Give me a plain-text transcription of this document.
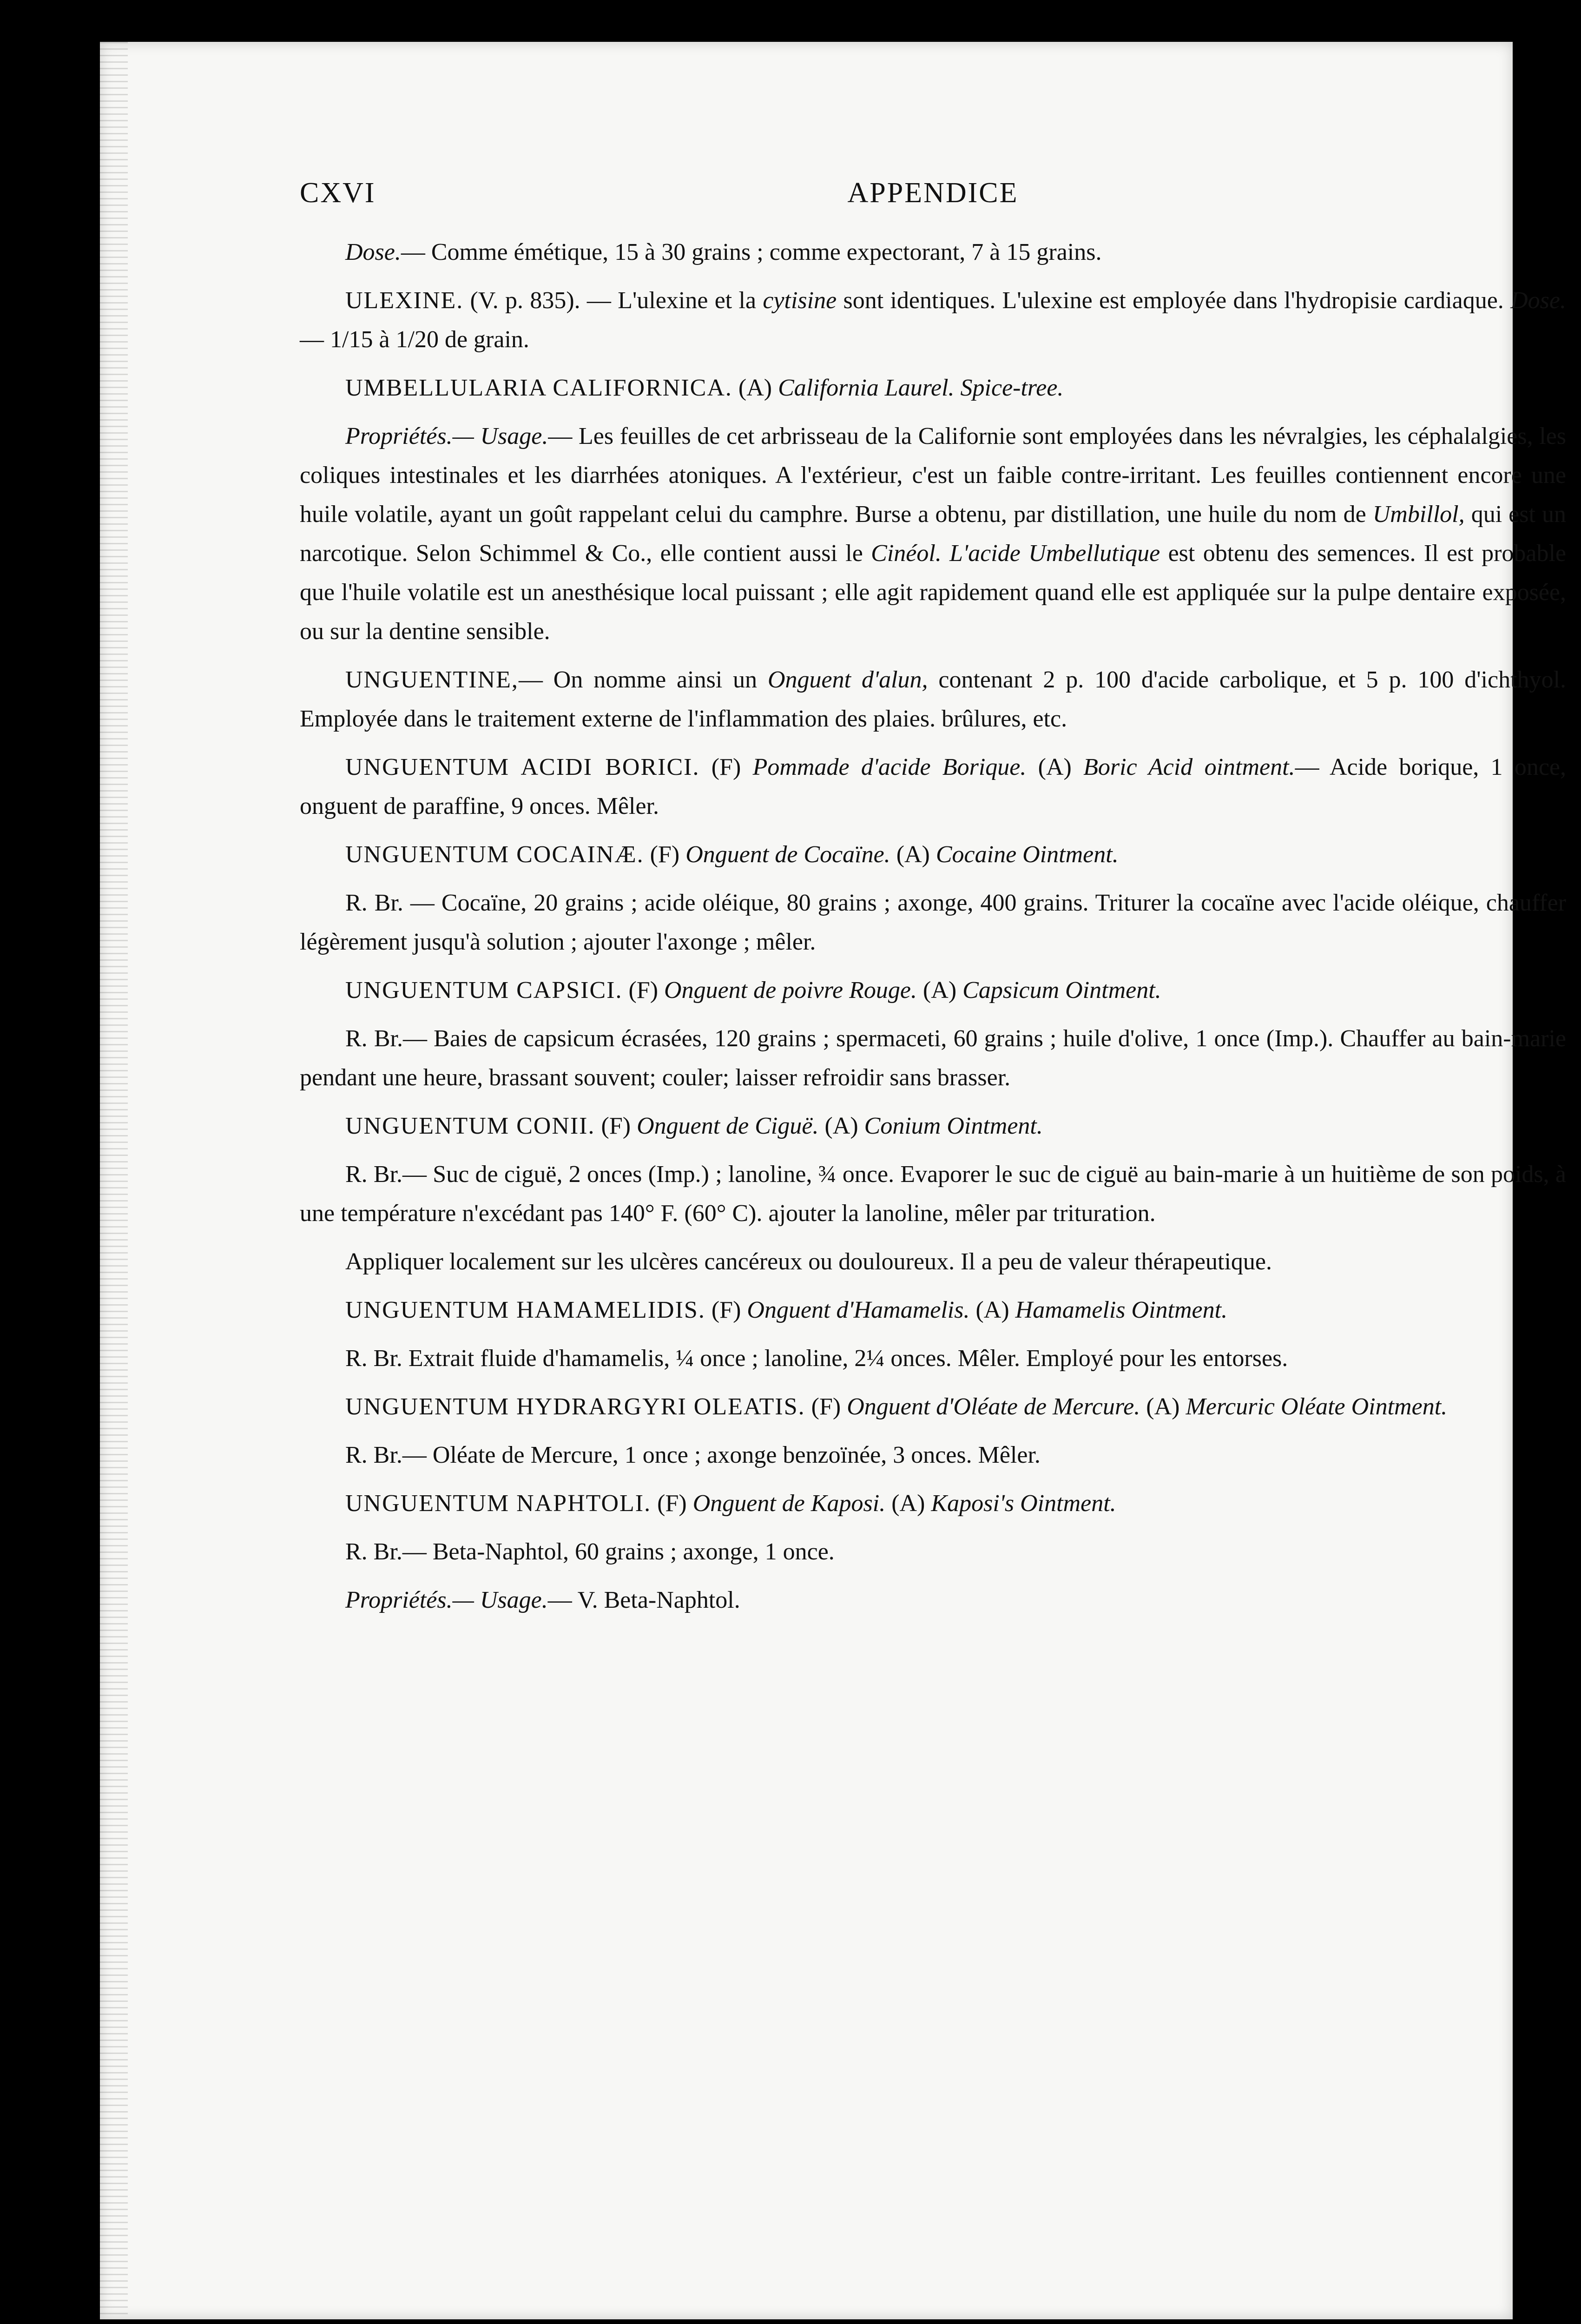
CXVI	APPENDICE

Dose.— Comme émétique, 15 à 30 grains ; comme expectorant, 7 à 15 grains.

ULEXINE. (V. p. 835). — L'ulexine et la cytisine sont identiques. L'ulexine est employée dans l'hydropisie cardiaque. Dose.— 1/15 à 1/20 de grain.

UMBELLULARIA CALIFORNICA. (A) California Laurel. Spice-tree.

Propriétés.— Usage.— Les feuilles de cet arbrisseau de la Californie sont employées dans les névralgies, les céphalalgies, les coliques intestinales et les diarrhées atoniques. A l'extérieur, c'est un faible contre-irritant. Les feuilles contiennent encore une huile volatile, ayant un goût rappelant celui du camphre. Burse a obtenu, par distillation, une huile du nom de Umbillol, qui est un narcotique. Selon Schimmel & Co., elle contient aussi le Cinéol. L'acide Umbellutique est obtenu des semences. Il est probable que l'huile volatile est un anesthésique local puissant ; elle agit rapidement quand elle est appliquée sur la pulpe dentaire exposée, ou sur la dentine sensible.

UNGUENTINE,— On nomme ainsi un Onguent d'alun, contenant 2 p. 100 d'acide carbolique, et 5 p. 100 d'ichthyol. Employée dans le traitement externe de l'inflammation des plaies. brûlures, etc.

UNGUENTUM ACIDI BORICI. (F) Pommade d'acide Borique. (A) Boric Acid ointment.— Acide borique, 1 once, onguent de paraffine, 9 onces. Mêler.

UNGUENTUM COCAINÆ. (F) Onguent de Cocaïne. (A) Cocaine Ointment.

R. Br. — Cocaïne, 20 grains ; acide oléique, 80 grains ; axonge, 400 grains. Triturer la cocaïne avec l'acide oléique, chauffer légèrement jusqu'à solution ; ajouter l'axonge ; mêler.

UNGUENTUM CAPSICI. (F) Onguent de poivre Rouge. (A) Capsicum Ointment.

R. Br.— Baies de capsicum écrasées, 120 grains ; spermaceti, 60 grains ; huile d'olive, 1 once (Imp.). Chauffer au bain-marie pendant une heure, brassant souvent; couler; laisser refroidir sans brasser.

UNGUENTUM CONII. (F) Onguent de Ciguë. (A) Conium Ointment.

R. Br.— Suc de ciguë, 2 onces (Imp.) ; lanoline, ¾ once. Evaporer le suc de ciguë au bain-marie à un huitième de son poids, à une température n'excédant pas 140° F. (60° C). ajouter la lanoline, mêler par trituration.

Appliquer localement sur les ulcères cancéreux ou douloureux. Il a peu de valeur thérapeutique.

UNGUENTUM HAMAMELIDIS. (F) Onguent d'Hamamelis. (A) Hamamelis Ointment.

R. Br. Extrait fluide d'hamamelis, ¼ once ; lanoline, 2¼ onces. Mêler. Employé pour les entorses.

UNGUENTUM HYDRARGYRI OLEATIS. (F) Onguent d'Oléate de Mercure. (A) Mercuric Oléate Ointment.

R. Br.— Oléate de Mercure, 1 once ; axonge benzoïnée, 3 onces. Mêler.

UNGUENTUM NAPHTOLI. (F) Onguent de Kaposi. (A) Kaposi's Ointment.

R. Br.— Beta-Naphtol, 60 grains ; axonge, 1 once.

Propriétés.— Usage.— V. Beta-Naphtol.
